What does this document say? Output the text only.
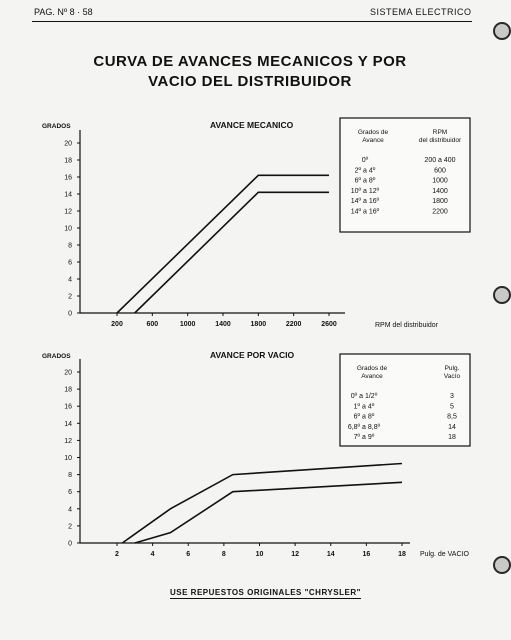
PAG. Nº 8 · 58	SISTEMA ELECTRICO
CURVA DE AVANCES MECANICOS Y POR
VACIO DEL DISTRIBUIDOR
0
2
4
6
8
10
12
14
16
18
20
200	600	1000	1400	1800	2200	2600
AVANCE MECANICO
GRADOS
RPM del distribuidor
Grados de
Avance
RPM
del distribuidor
0º	200 a 400
2º a 4º	600
6º a 8º	1000
10º a 12º	1400
14º a 16º	1800
14º a 16º	2200
0
2
4
6
8
10
12
14
16
18
20
2	4	6	8	10	12	14	16	18
AVANCE POR VACIO
GRADOS
Pulg. de VACIO
Grados de
Avance
Pulg.
Vacío
0º a 1/2º	3
1º a 4º	5
6º a 8º	8,5
6,8º a 8,8º	14
7º a 9º	18
USE REPUESTOS ORIGINALES "CHRYSLER"
